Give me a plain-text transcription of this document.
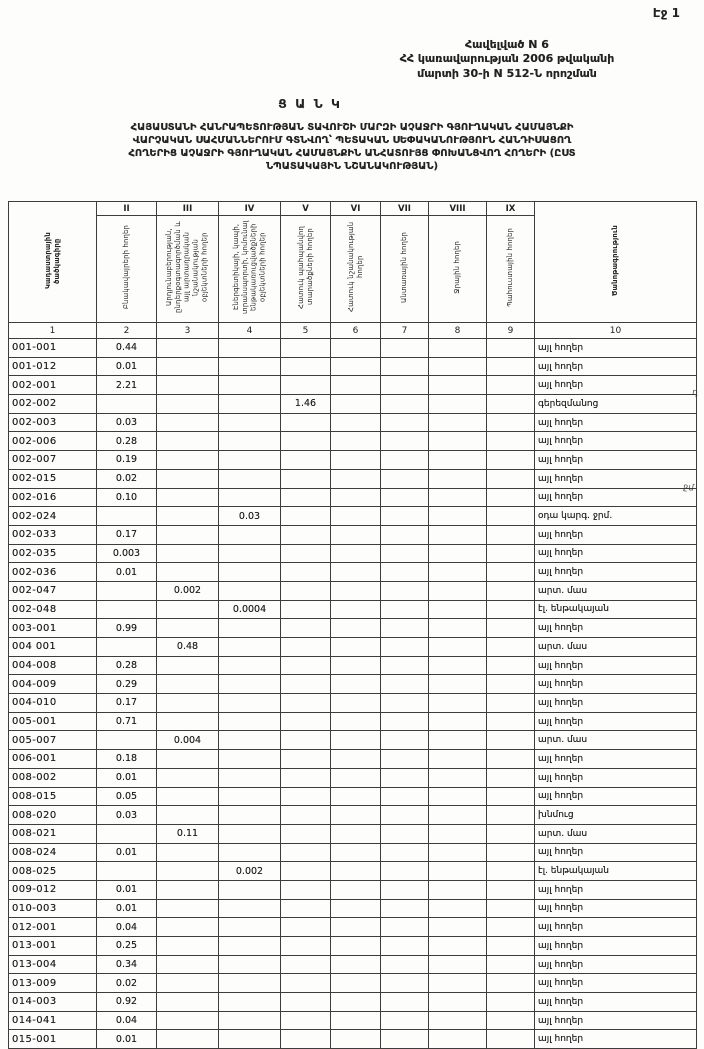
Էջ 1
Հավելված N 6
ՀՀ կառավարության 2006 թվականի
մարտի 30-ի N 512-Ն որոշման
Ց Ա Ն Կ
ՀԱՅԱՍՏԱՆԻ ՀԱՆՐԱՊԵՏՈՒԹՅԱՆ ՏԱՎՈՒՇԻ ՄԱՐԶԻ ԱՉԱՋՐԻ ԳՅՈՒՂԱԿԱՆ ՀԱՄԱՅՆՔԻ
ՎԱՐՉԱԿԱՆ ՍԱՀՄԱՆՆԵՐՈՒՄ ԳՏՆՎՈՂ՝ ՊԵՏԱԿԱՆ ՍԵՓԱԿԱՆՈՒԹՅՈՒՆ ՀԱՆԴԻՍԱՑՈՂ
ՀՈՂԵՐԻՑ ԱՉԱՋՐԻ ԳՅՈՒՂԱԿԱՆ ՀԱՄԱՅՆՔԻՆ ԱՆՀԱՏՈՒՅՑ ՓՈԽԱՆՑՎՈՂ ՀՈՂԵՐԻ (ԸՍՏ
ՆՊԱՏԱԿԱՅԻՆ ՆՇԱՆԱԿՈՒԹՅԱՆ)
Կադաստրային ծածկագիրը	II	III	IV	V	VI	VII	VIII	IX	Ծանոթագրություն
	Բնակավայրերի հողեր	Արդյունաբերության, ընդերքօգտագործման և այլ արտադրական նշանակության օբյեկտների հողեր	Էներգետիկայի, կապի, տրանսպորտի, կոմունալ ենթակառուցվածքների օբյեկտների հողեր	Հատուկ պահպանվող տարածքների հողեր	Հատուկ նշանակության հողեր	Անտառային հողեր	Ջրային հողեր	Պահուստային հողեր	
1	2	3	4	5	6	7	8	9	10
001-001	0.44								այլ հողեր
001-012	0.01								այլ հողեր
002-001	2.21								այլ հողեր
002-002				1.46					գերեզմանոց
002-003	0.03								այլ հողեր
002-006	0.28								այլ հողեր
002-007	0.19								այլ հողեր
002-015	0.02								այլ հողեր
002-016	0.10								այլ հողեր
002-024			0.03						օդա կարգ. ջրմ.
002-033	0.17								այլ հողեր
002-035	0.003								այլ հողեր
002-036	0.01								այլ հողեր
002-047		0.002							արտ. մաս
002-048			0.0004						էլ. ենթակայան
003-001	0.99								այլ հողեր
004 001		0.48							արտ. մաս
004-008	0.28								այլ հողեր
004-009	0.29								այլ հողեր
004-010	0.17								այլ հողեր
005-001	0.71								այլ հողեր
005-007		0.004							արտ. մաս
006-001	0.18								այլ հողեր
008-002	0.01								այլ հողեր
008-015	0.05								այլ հողեր
008-020	0.03								խնմուց
008-021		0.11							արտ. մաս
008-024	0.01								այլ հողեր
008-025			0.002						էլ. ենթակայան
009-012	0.01								այլ հողեր
010-003	0.01								այլ հողեր
012-001	0.04								այլ հողեր
013-001	0.25								այլ հողեր
013-004	0.34								այլ հողեր
013-009	0.02								այլ հողեր
014-003	0.92								այլ հողեր
014-041	0.04								այլ հողեր
015-001	0.01								այլ հողեր
դ
ջմ
